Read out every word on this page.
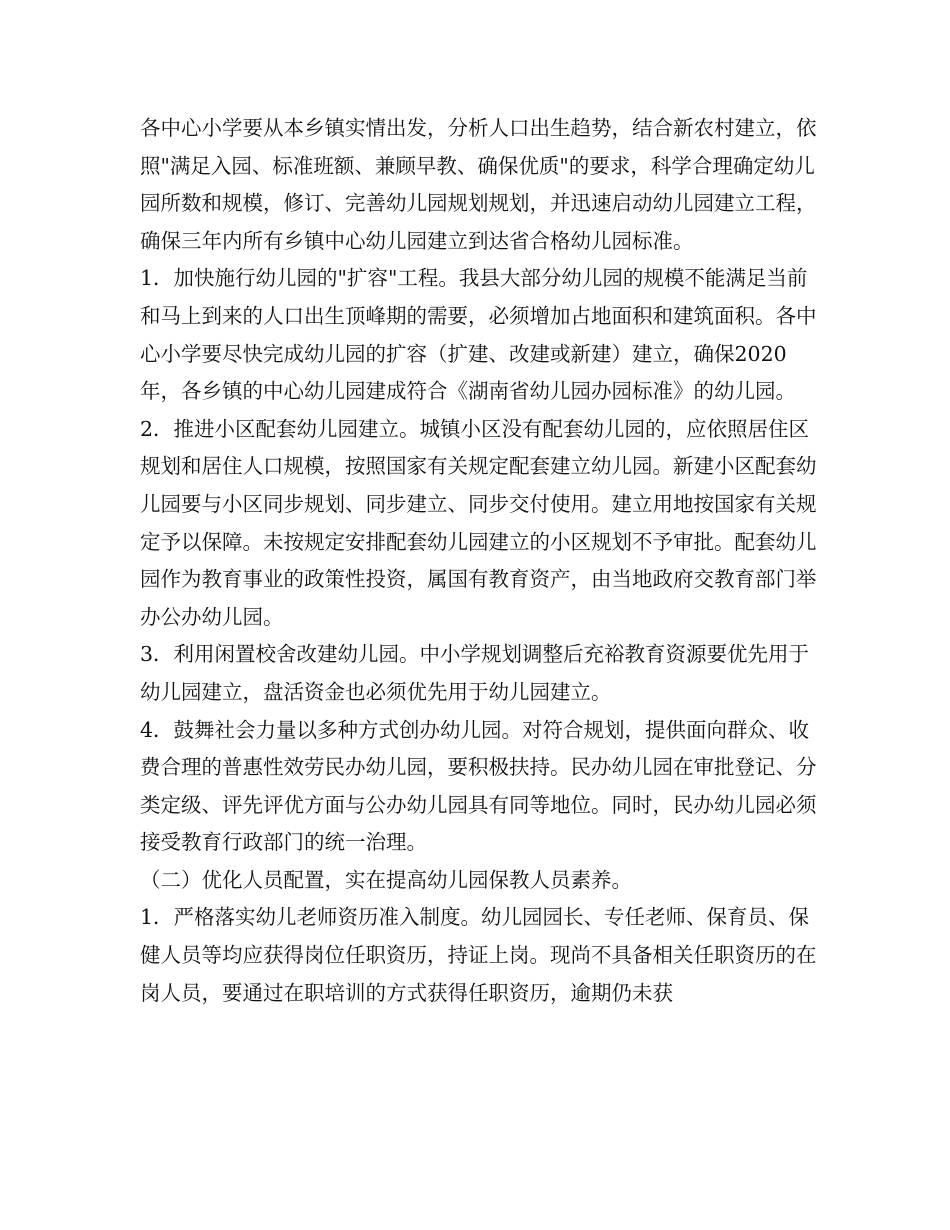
各中心小学要从本乡镇实情出发，分析人口出生趋势，结合新农村建立，依照"满足入园、标准班额、兼顾早教、确保优质"的要求，科学合理确定幼儿园所数和规模，修订、完善幼儿园规划规划，并迅速启动幼儿园建立工程，确保三年内所有乡镇中心幼儿园建立到达省合格幼儿园标准。

1．加快施行幼儿园的"扩容"工程。我县大部分幼儿园的规模不能满足当前和马上到来的人口出生顶峰期的需要，必须增加占地面积和建筑面积。各中心小学要尽快完成幼儿园的扩容（扩建、改建或新建）建立，确保2020年，各乡镇的中心幼儿园建成符合《湖南省幼儿园办园标准》的幼儿园。

2．推进小区配套幼儿园建立。城镇小区没有配套幼儿园的，应依照居住区规划和居住人口规模，按照国家有关规定配套建立幼儿园。新建小区配套幼儿园要与小区同步规划、同步建立、同步交付使用。建立用地按国家有关规定予以保障。未按规定安排配套幼儿园建立的小区规划不予审批。配套幼儿园作为教育事业的政策性投资，属国有教育资产，由当地政府交教育部门举办公办幼儿园。

3．利用闲置校舍改建幼儿园。中小学规划调整后充裕教育资源要优先用于幼儿园建立，盘活资金也必须优先用于幼儿园建立。

4．鼓舞社会力量以多种方式创办幼儿园。对符合规划，提供面向群众、收费合理的普惠性效劳民办幼儿园，要积极扶持。民办幼儿园在审批登记、分类定级、评先评优方面与公办幼儿园具有同等地位。同时，民办幼儿园必须接受教育行政部门的统一治理。

（二）优化人员配置，实在提高幼儿园保教人员素养。

1．严格落实幼儿老师资历准入制度。幼儿园园长、专任老师、保育员、保健人员等均应获得岗位任职资历，持证上岗。现尚不具备相关任职资历的在岗人员，要通过在职培训的方式获得任职资历，逾期仍未获
